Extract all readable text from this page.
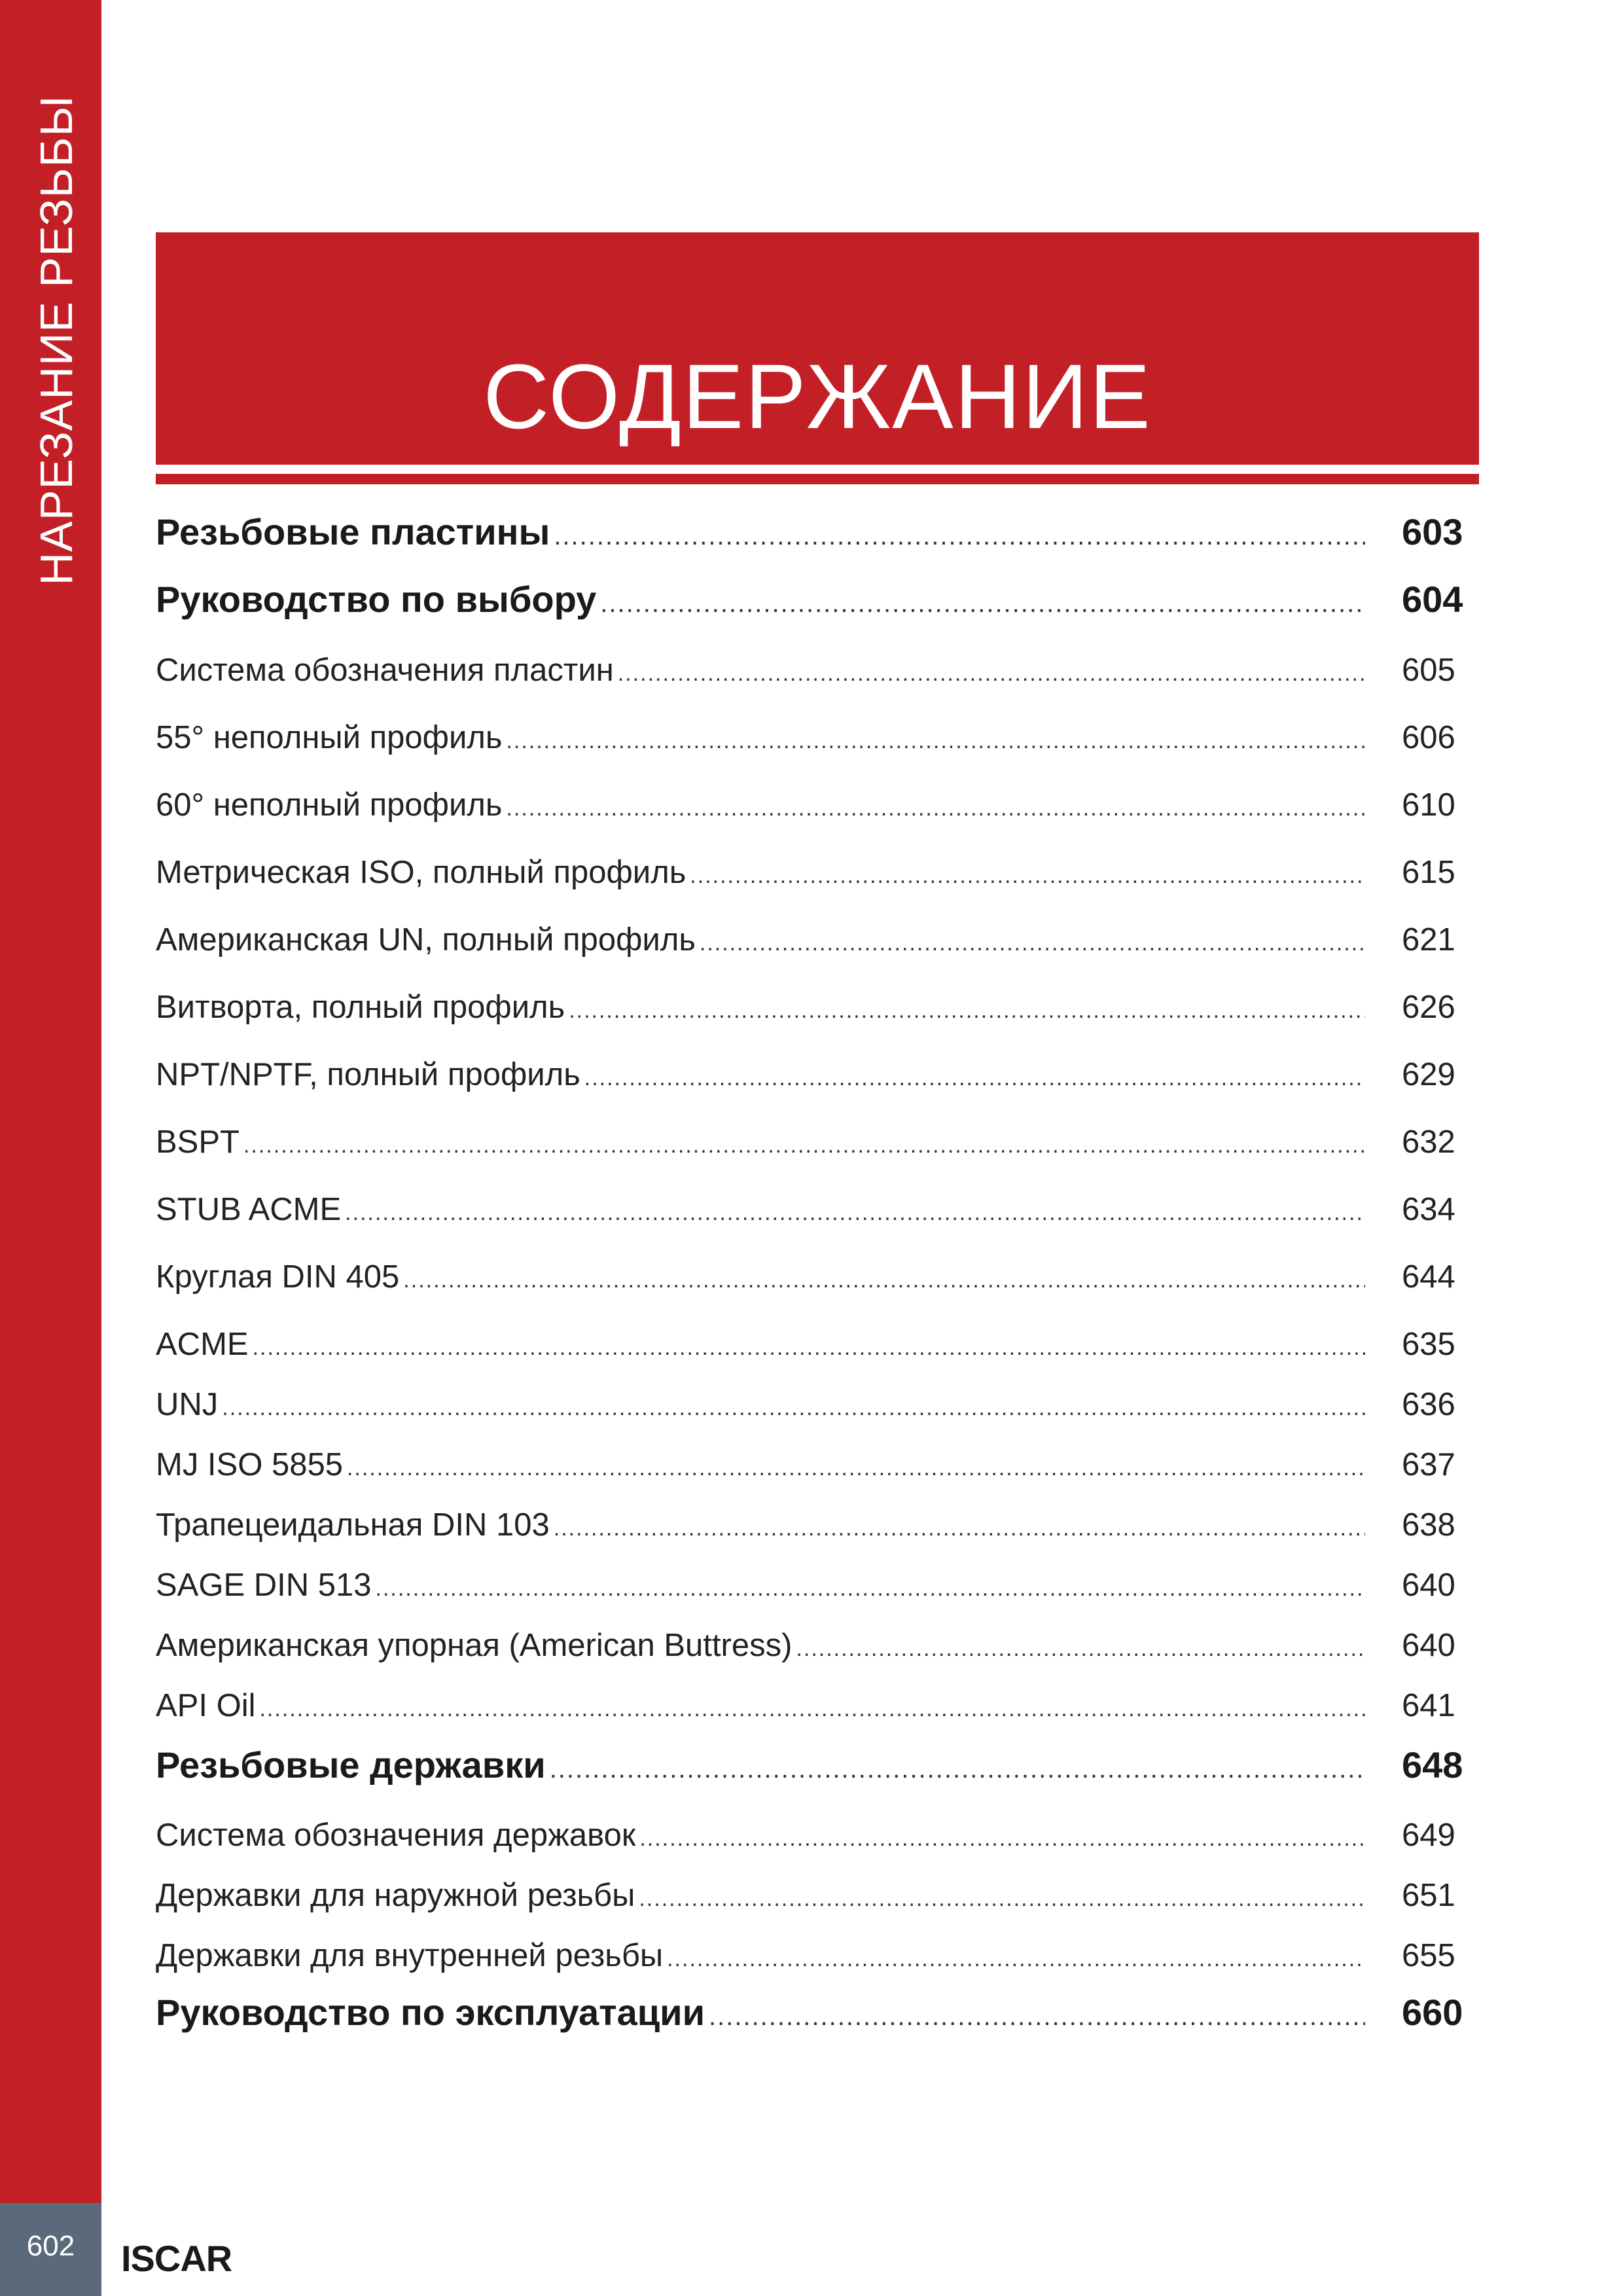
НАРЕЗАНИЕ РЕЗЬБЫ
602 ISCAR
СОДЕРЖАНИЕ
Резьбовые пластины .....	603
Руководство по выбору .....	604
Система обозначения пластин .....	605
55° неполный профиль .....	606
60° неполный профиль .....	610
Метрическая ISO, полный профиль .....	615
Американская UN, полный профиль .....	621
Витворта, полный профиль .....	626
NPT/NPTF, полный профиль .....	629
BSPT .....	632
STUB ACME .....	634
Круглая DIN 405 .....	644
ACME .....	635
UNJ .....	636
MJ ISO 5855 .....	637
Трапецеидальная DIN 103 .....	638
SAGE DIN 513 .....	640
Американская упорная (American Buttress) .....	640
API Oil .....	641
Резьбовые державки .....	648
Система обозначения державок .....	649
Державки для наружной резьбы .....	651
Державки для внутренней резьбы .....	655
Руководство по эксплуатации .....	660
